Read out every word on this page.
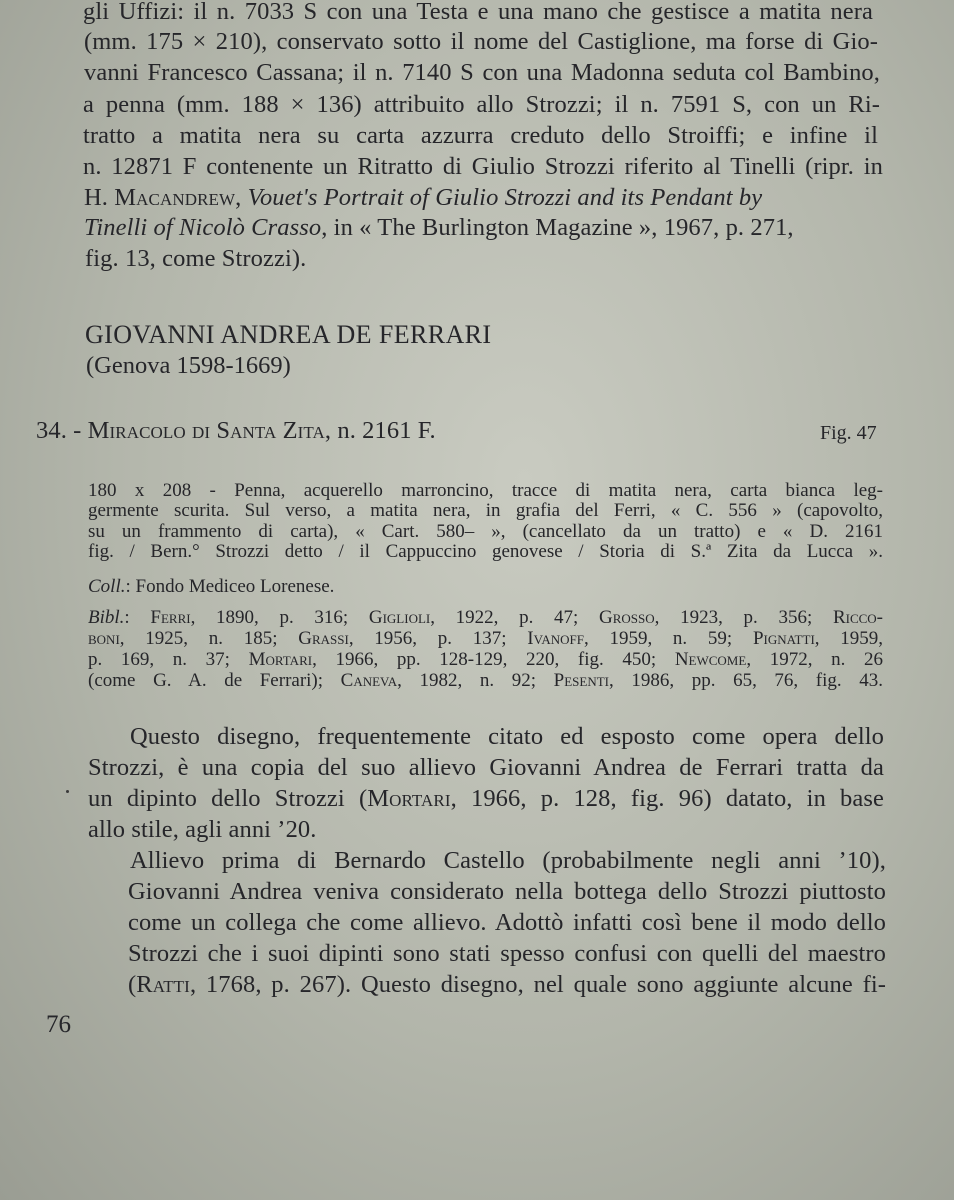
gli Uffizi: il n. 7033 S con una Testa e una mano che gestisce a matita nera
(mm. 175 × 210), conservato sotto il nome del Castiglione, ma forse di Gio-
vanni Francesco Cassana; il n. 7140 S con una Madonna seduta col Bambino,
a penna (mm. 188 × 136) attribuito allo Strozzi; il n. 7591 S, con un Ri-
tratto a matita nera su carta azzurra creduto dello Stroiffi; e infine il
n. 12871 F contenente un Ritratto di Giulio Strozzi riferito al Tinelli (ripr. in
H. Macandrew, Vouet's Portrait of Giulio Strozzi and its Pendant by
Tinelli of Nicolò Crasso, in « The Burlington Magazine », 1967, p. 271,
fig. 13, come Strozzi).
GIOVANNI ANDREA DE FERRARI
(Genova 1598-1669)
34. - Miracolo di Santa Zita, n. 2161 F.	Fig. 47
180 x 208 - Penna, acquerello marroncino, tracce di matita nera, carta bianca leg-
germente scurita. Sul verso, a matita nera, in grafia del Ferri, « C. 556 » (capovolto,
su un frammento di carta), « Cart. 580– », (cancellato da un tratto) e « D. 2161
fig. / Bern.° Strozzi detto / il Cappuccino genovese / Storia di S.ª Zita da Lucca ».
Coll.: Fondo Mediceo Lorenese.
Bibl.: Ferri, 1890, p. 316; Giglioli, 1922, p. 47; Grosso, 1923, p. 356; Ricco-
boni, 1925, n. 185; Grassi, 1956, p. 137; Ivanoff, 1959, n. 59; Pignatti, 1959,
p. 169, n. 37; Mortari, 1966, pp. 128-129, 220, fig. 450; Newcome, 1972, n. 26
(come G. A. de Ferrari); Caneva, 1982, n. 92; Pesenti, 1986, pp. 65, 76, fig. 43.
Questo disegno, frequentemente citato ed esposto come opera dello
Strozzi, è una copia del suo allievo Giovanni Andrea de Ferrari tratta da
un dipinto dello Strozzi (Mortari, 1966, p. 128, fig. 96) datato, in base
allo stile, agli anni ’20.
Allievo prima di Bernardo Castello (probabilmente negli anni ’10),
Giovanni Andrea veniva considerato nella bottega dello Strozzi piuttosto
come un collega che come allievo. Adottò infatti così bene il modo dello
Strozzi che i suoi dipinti sono stati spesso confusi con quelli del maestro
(Ratti, 1768, p. 267). Questo disegno, nel quale sono aggiunte alcune fi-
76
